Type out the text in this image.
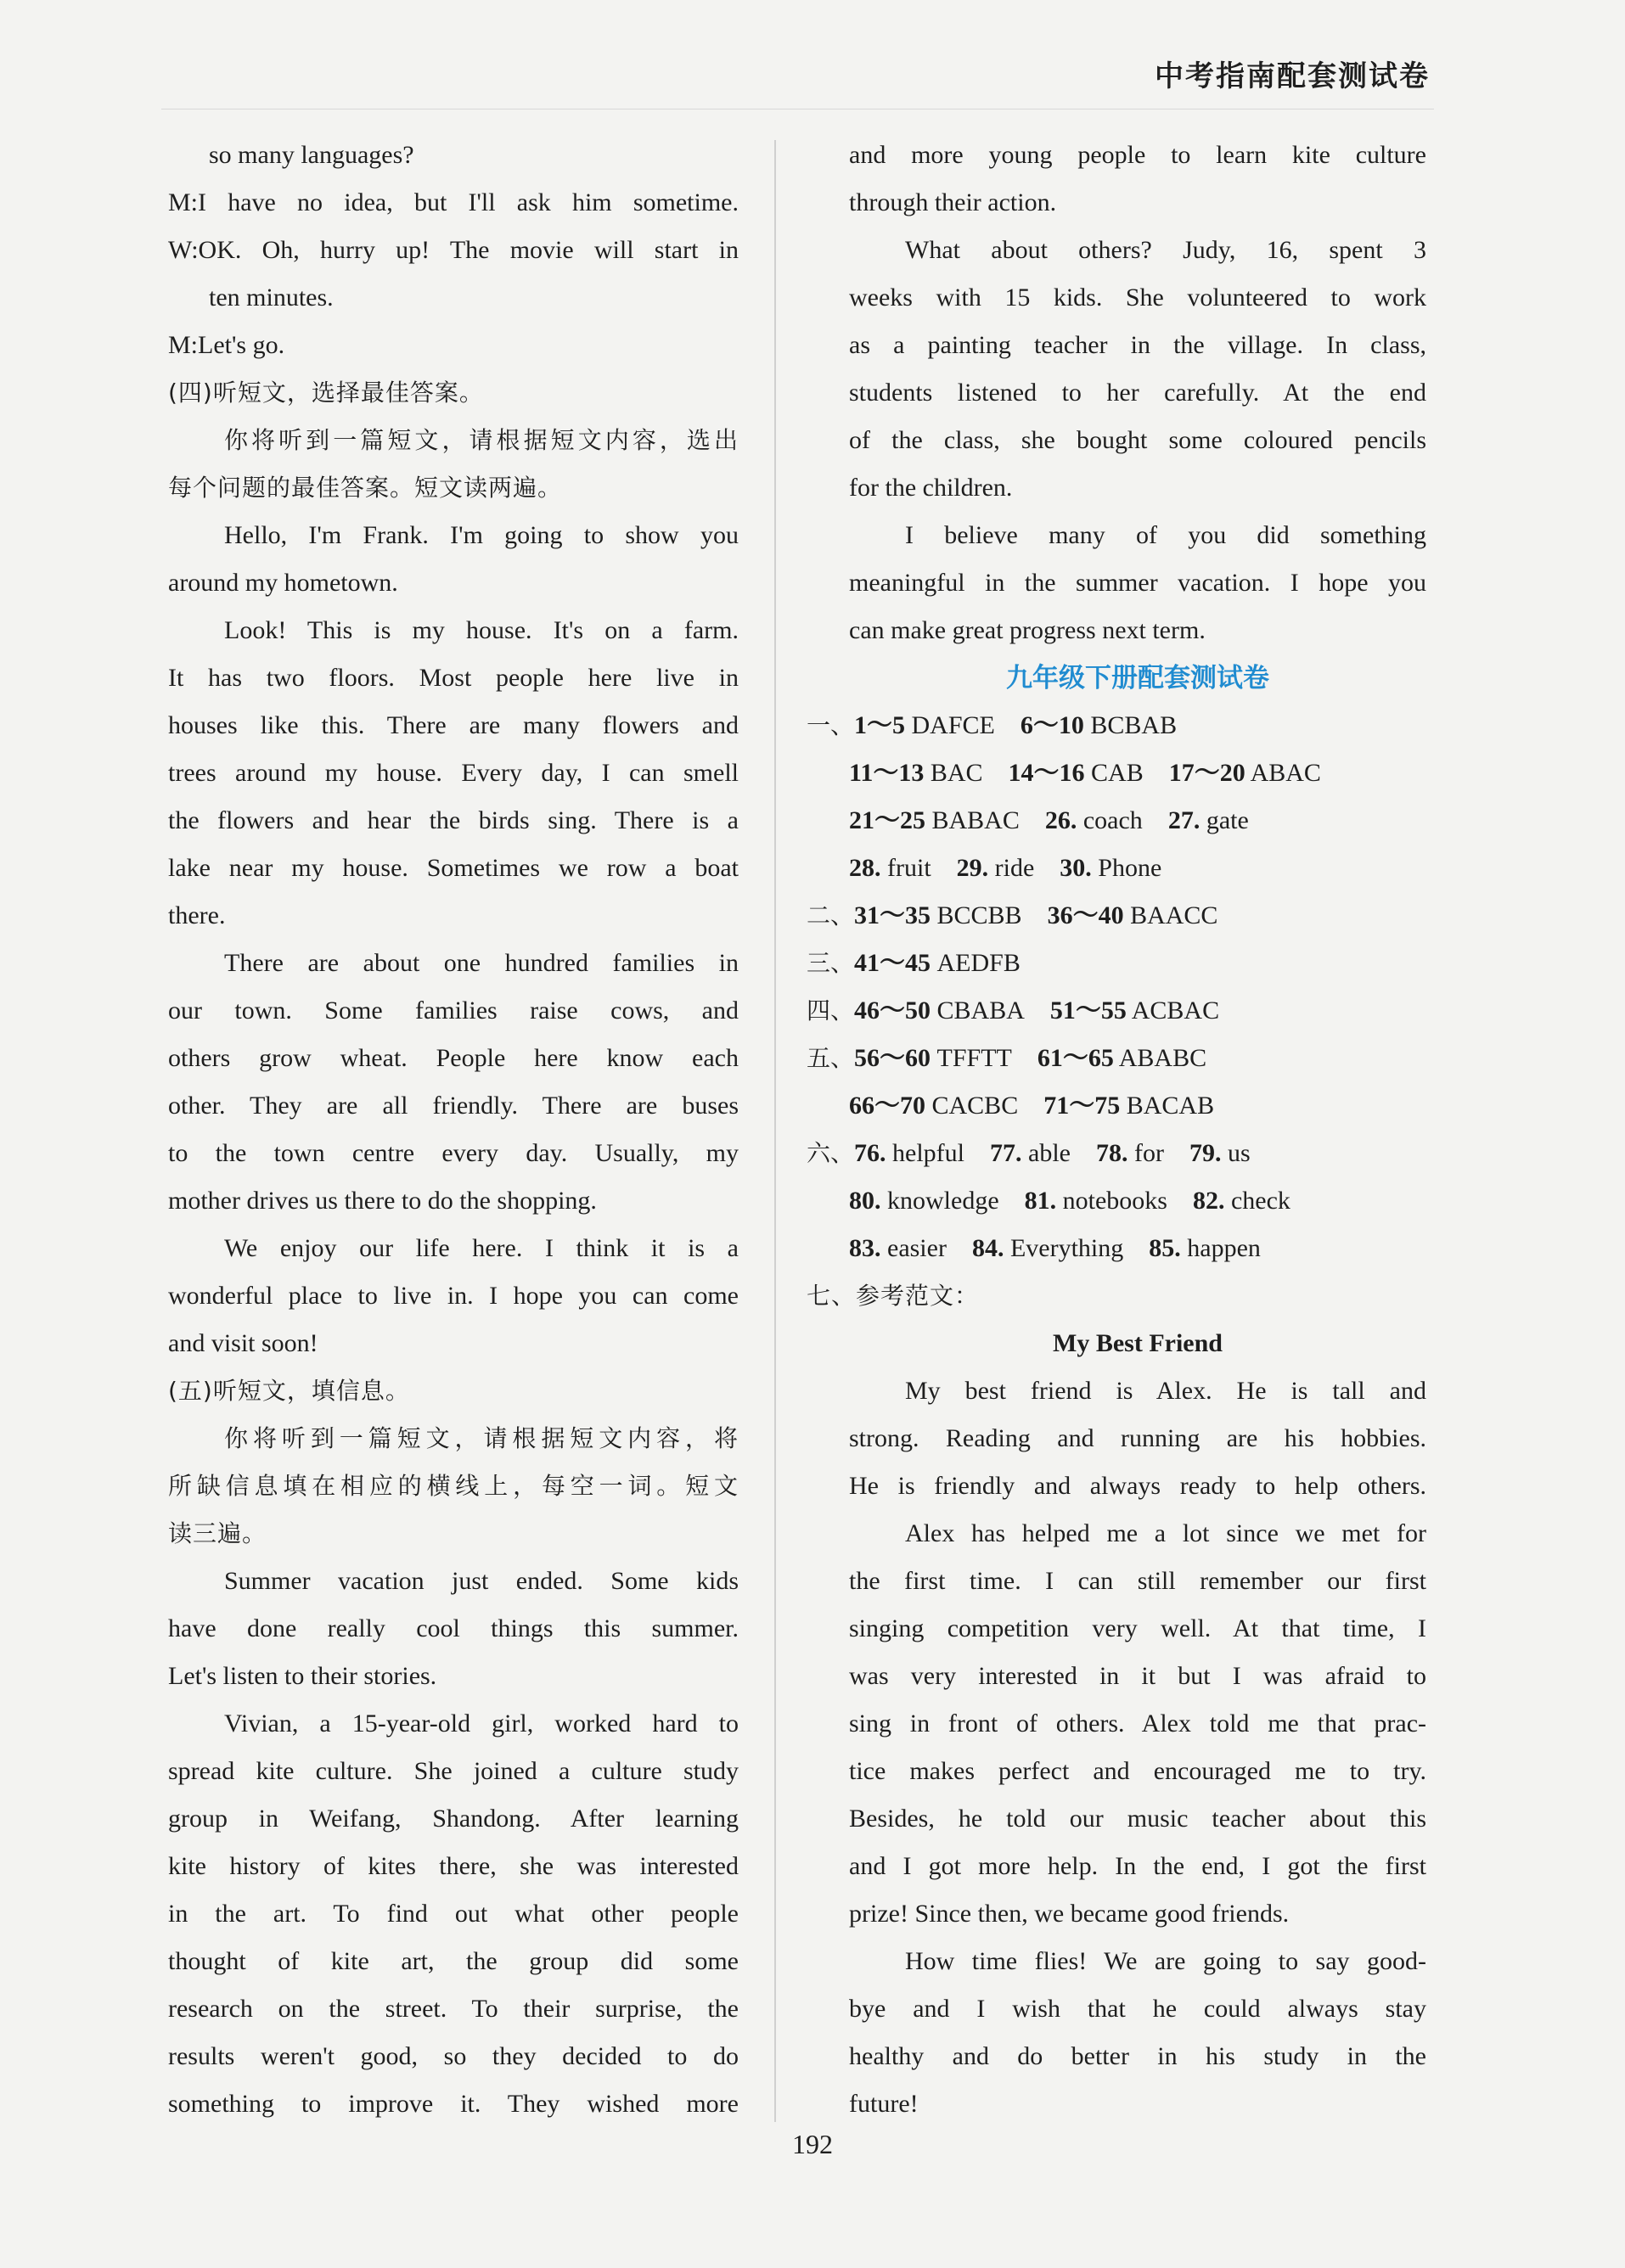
中考指南配套测试卷
so many languages?
M:I have no idea, but I'll ask him sometime.
W:OK. Oh, hurry up! The movie will start in
ten minutes.
M:Let's go.
(四)听短文，选择最佳答案。
你将听到一篇短文，请根据短文内容，选出
每个问题的最佳答案。短文读两遍。
Hello, I'm Frank. I'm going to show you
around my hometown.
Look! This is my house. It's on a farm.
It has two floors. Most people here live in
houses like this. There are many flowers and
trees around my house. Every day, I can smell
the flowers and hear the birds sing. There is a
lake near my house. Sometimes we row a boat
there.
There are about one hundred families in
our town. Some families raise cows, and
others grow wheat. People here know each
other. They are all friendly. There are buses
to the town centre every day. Usually, my
mother drives us there to do the shopping.
We enjoy our life here. I think it is a
wonderful place to live in. I hope you can come
and visit soon!
(五)听短文，填信息。
你将听到一篇短文，请根据短文内容，将
所缺信息填在相应的横线上，每空一词。短文
读三遍。
Summer vacation just ended. Some kids
have done really cool things this summer.
Let's listen to their stories.
Vivian, a 15-year-old girl, worked hard to
spread kite culture. She joined a culture study
group in Weifang, Shandong. After learning
kite history of kites there, she was interested
in the art. To find out what other people
thought of kite art, the group did some
research on the street. To their surprise, the
results weren't good, so they decided to do
something to improve it. They wished more
and more young people to learn kite culture
through their action.
What about others? Judy, 16, spent 3
weeks with 15 kids. She volunteered to work
as a painting teacher in the village. In class,
students listened to her carefully. At the end
of the class, she bought some coloured pencils
for the children.
I believe many of you did something
meaningful in the summer vacation. I hope you
can make great progress next term.
九年级下册配套测试卷
一、1～5 DAFCE 6～10 BCBAB
11～13 BAC 14～16 CAB 17～20 ABAC
21～25 BABAC 26. coach 27. gate
28. fruit 29. ride 30. Phone
二、31～35 BCCBB 36～40 BAACC
三、41～45 AEDFB
四、46～50 CBABA 51～55 ACBAC
五、56～60 TFFTT 61～65 ABABC
66～70 CACBC 71～75 BACAB
六、76. helpful 77. able 78. for 79. us
80. knowledge 81. notebooks 82. check
83. easier 84. Everything 85. happen
七、参考范文：
My Best Friend
My best friend is Alex. He is tall and
strong. Reading and running are his hobbies.
He is friendly and always ready to help others.
Alex has helped me a lot since we met for
the first time. I can still remember our first
singing competition very well. At that time, I
was very interested in it but I was afraid to
sing in front of others. Alex told me that prac-
tice makes perfect and encouraged me to try.
Besides, he told our music teacher about this
and I got more help. In the end, I got the first
prize! Since then, we became good friends.
How time flies! We are going to say good-
bye and I wish that he could always stay
healthy and do better in his study in the
future!
192
